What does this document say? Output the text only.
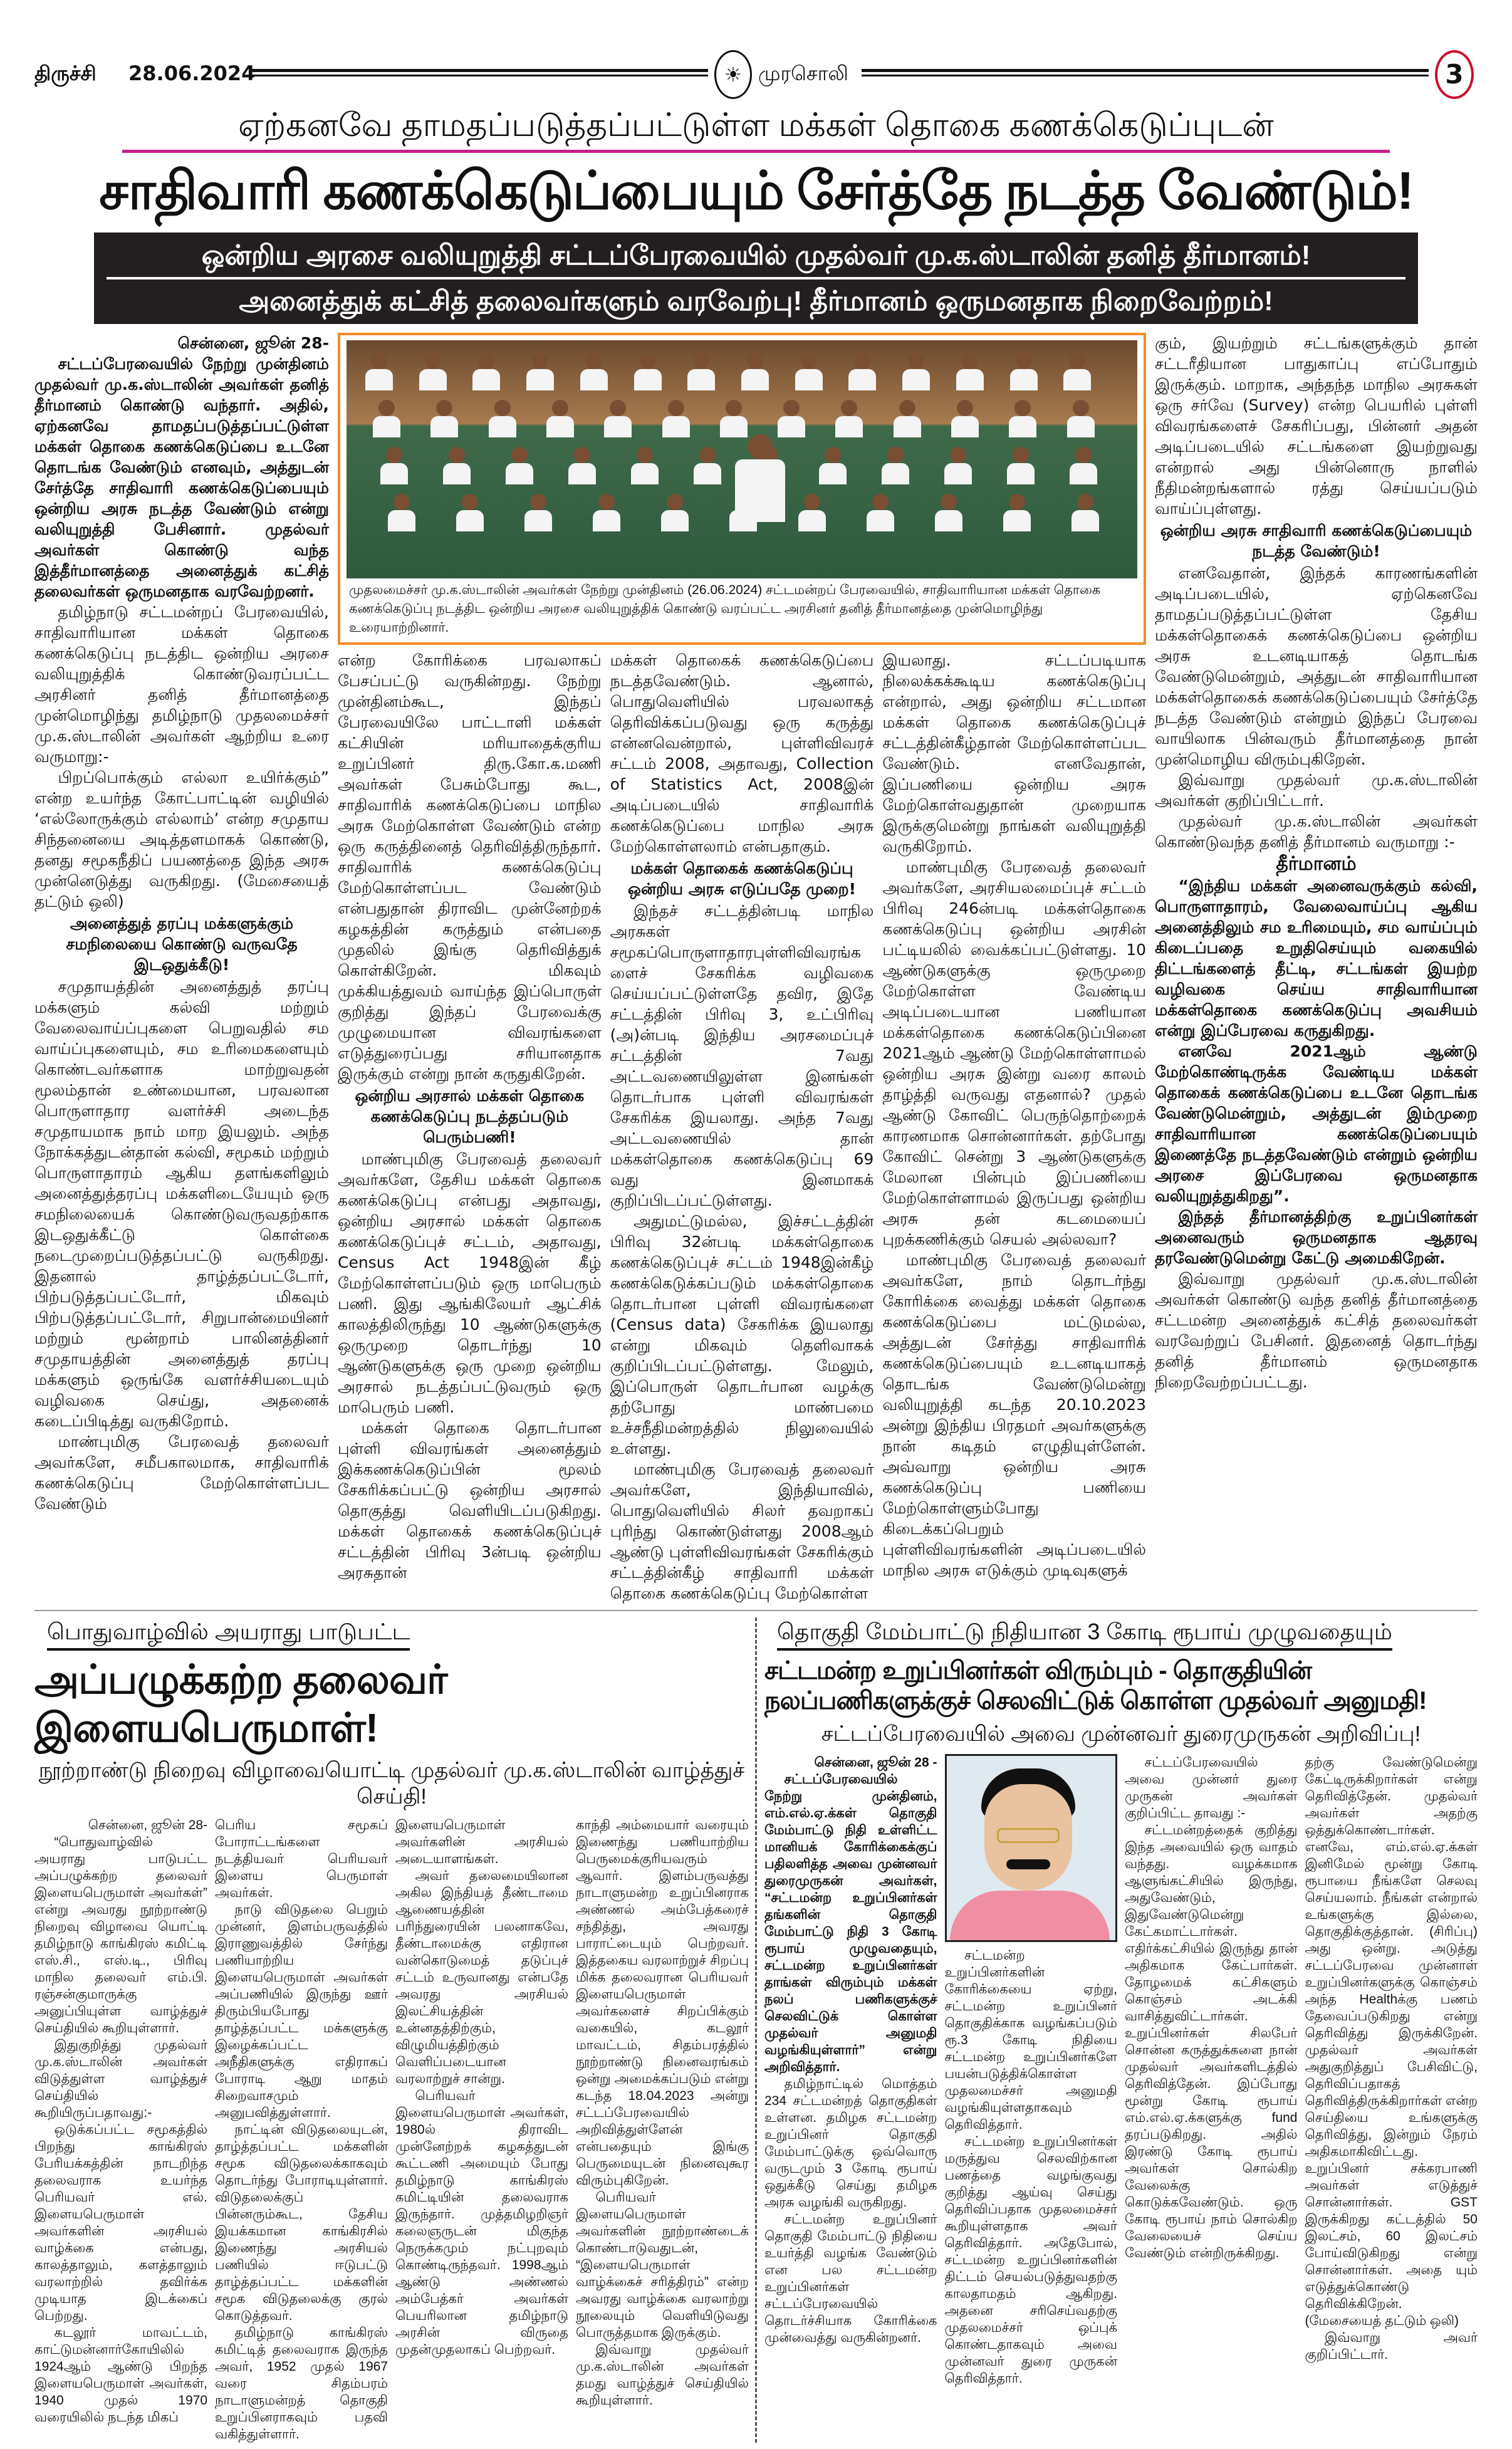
திருச்சி 28.06.2024	☀ முரசொலி	3
ஏற்கனவே தாமதப்படுத்தப்பட்டுள்ள மக்கள் தொகை கணக்கெடுப்புடன்
சாதிவாரி கணக்கெடுப்பையும் சேர்த்தே நடத்த வேண்டும்!
ஒன்றிய அரசை வலியுறுத்தி சட்டப்பேரவையில் முதல்வர் மு.க.ஸ்டாலின் தனித் தீர்மானம்!
அனைத்துக் கட்சித் தலைவர்களும் வரவேற்பு! தீர்மானம் ஒருமனதாக நிறைவேற்றம்!

சென்னை, ஜூன் 28-

சட்டப்பேரவையில் நேற்று முன்தினம் முதல்வர் மு.க.ஸ்டாலின் அவர்கள் தனித் தீர்மானம் கொண்டு வந்தார். அதில், ஏற்கனவே தாமதப்படுத்தப்பட்டுள்ள மக்கள் தொகை கணக்கெடுப்பை உடனே தொடங்க வேண்டும் எனவும், அத்துடன் சேர்த்தே சாதிவாரி கணக்கெடுப்பையும் ஒன்றிய அரசு நடத்த வேண்டும் என்று வலியுறுத்தி பேசினார். முதல்வர் அவர்கள் கொண்டு வந்த இத்தீர்மானத்தை அனைத்துக் கட்சித் தலைவர்கள் ஒருமனதாக வரவேற்றனர்.

தமிழ்நாடு சட்டமன்றப் பேரவையில், சாதிவாரியான மக்கள் தொகை கணக்கெடுப்பு நடத்திட ஒன்றிய அரசை வலியுறுத்திக் கொண்டுவரப்பட்ட அரசினர் தனித் தீர்மானத்தை முன்மொழிந்து தமிழ்நாடு முதலமைச்சர் மு.க.ஸ்டாலின் அவர்கள் ஆற்றிய உரை வருமாறு:-

பிறப்பொக்கும் எல்லா உயிர்க்கும்” என்ற உயர்ந்த கோட்பாட்டின் வழியில் ‘எல்லோருக்கும் எல்லாம்’ என்ற சமுதாய சிந்தனையை அடித்தளமாகக் கொண்டு, தனது சமூகநீதிப் பயணத்தை இந்த அரசு முன்னெடுத்து வருகிறது. (மேசையைத் தட்டும் ஒலி)

அனைத்துத் தரப்பு மக்களுக்கும் சமநிலையை கொண்டு வருவதே இடஒதுக்கீடு!

சமுதாயத்தின் அனைத்துத் தரப்பு மக்களும் கல்வி மற்றும் வேலைவாய்ப்புகளை பெறுவதில் சம வாய்ப்புகளையும், சம உரிமைகளையும் கொண்டவர்களாக மாற்றுவதன் மூலம்தான் உண்மையான, பரவலான பொருளாதார வளர்ச்சி அடைந்த சமுதாயமாக நாம் மாற இயலும். அந்த நோக்கத்துடன்தான் கல்வி, சமூகம் மற்றும் பொருளாதாரம் ஆகிய தளங்களிலும் அனைத்துத்தரப்பு மக்களிடையேயும் ஒரு சமநிலையைக் கொண்டுவருவதற்காக இடஒதுக்கீட்டு கொள்கை நடைமுறைப்படுத்தப்பட்டு வருகிறது. இதனால் தாழ்த்தப்பட்டோர், பிற்படுத்தப்பட்டோர், மிகவும் பிற்படுத்தப்பட்டோர், சிறுபான்மையினர் மற்றும் மூன்றாம் பாலினத்தினர் சமுதாயத்தின் அனைத்துத் தரப்பு மக்களும் ஒருங்கே வளர்ச்சியடையும் வழிவகை செய்து, அதனைக் கடைப்பிடித்து வருகிறோம்.

மாண்புமிகு பேரவைத் தலைவர் அவர்களே, சமீபகாலமாக, சாதிவாரிக் கணக்கெடுப்பு மேற்கொள்ளப்பட வேண்டும்

முதலமைச்சர் மு.க.ஸ்டாலின் அவர்கள் நேற்று முன்தினம் (26.06.2024) சட்டமன்றப் பேரவையில், சாதிவாரியான மக்கள் தொகை கணக்கெடுப்பு நடத்திட ஒன்றிய அரசை வலியுறுத்திக் கொண்டு வரப்பட்ட அரசினர் தனித் தீர்மானத்தை முன்மொழிந்து உரையாற்றினார்.

என்ற கோரிக்கை பரவலாகப் பேசப்பட்டு வருகின்றது. நேற்று முன்தினம்கூட, இந்தப் பேரவையிலே பாட்டாளி மக்கள் கட்சியின் மரியாதைக்குரிய உறுப்பினர் திரு.கோ.க.மணி அவர்கள் பேசும்போது கூட, சாதிவாரிக் கணக்கெடுப்பை மாநில அரசு மேற்கொள்ள வேண்டும் என்ற ஒரு கருத்தினைத் தெரிவித்திருந்தார். சாதிவாரிக் கணக்கெடுப்பு மேற்கொள்ளப்பட வேண்டும் என்பதுதான் திராவிட முன்னேற்றக் கழகத்தின் கருத்தும் என்பதை முதலில் இங்கு தெரிவித்துக் கொள்கிறேன். மிகவும் முக்கியத்துவம் வாய்ந்த இப்பொருள் குறித்து இந்தப் பேரவைக்கு முழுமையான விவரங்களை எடுத்துரைப்பது சரியானதாக இருக்கும் என்று நான் கருதுகிறேன்.

ஒன்றிய அரசால் மக்கள் தொகை கணக்கெடுப்பு நடத்தப்படும் பெரும்பணி!

மாண்புமிகு பேரவைத் தலைவர் அவர்களே, தேசிய மக்கள் தொகை கணக்கெடுப்பு என்பது அதாவது, ஒன்றிய அரசால் மக்கள் தொகை கணக்கெடுப்புச் சட்டம், அதாவது, Census Act 1948இன் கீழ் மேற்கொள்ளப்படும் ஒரு மாபெரும் பணி. இது ஆங்கிலேயர் ஆட்சிக் காலத்திலிருந்து 10 ஆண்டுகளுக்கு ஒருமுறை தொடர்ந்து 10 ஆண்டுகளுக்கு ஒரு முறை ஒன்றிய அரசால் நடத்தப்பட்டுவரும் ஒரு மாபெரும் பணி.

மக்கள் தொகை தொடர்பான புள்ளி விவரங்கள் அனைத்தும் இக்கணக்கெடுப்பின் மூலம் சேகரிக்கப்பட்டு ஒன்றிய அரசால் தொகுத்து வெளியிடப்படுகிறது. மக்கள் தொகைக் கணக்கெடுப்புச் சட்டத்தின் பிரிவு 3ன்படி ஒன்றிய அரசுதான்

மக்கள் தொகைக் கணக்கெடுப்பை நடத்தவேண்டும். ஆனால், பொதுவெளியில் பரவலாகத் தெரிவிக்கப்படுவது ஒரு கருத்து என்னவென்றால், புள்ளிவிவரச் சட்டம் 2008, அதாவது, Collection of Statistics Act, 2008இன் அடிப்படையில் சாதிவாரிக் கணக்கெடுப்பை மாநில அரசு மேற்கொள்ளலாம் என்பதாகும்.

மக்கள் தொகைக் கணக்கெடுப்பு ஒன்றிய அரசு எடுப்பதே முறை!

இந்தச் சட்டத்தின்படி மாநில அரசுகள் சமூகப்பொருளாதாரபுள்ளிவிவரங்களைச் சேகரிக்க வழிவகை செய்யப்பட்டுள்ளதே தவிர, இதே சட்டத்தின் பிரிவு 3, உட்பிரிவு (அ)ன்படி இந்திய அரசமைப்புச் சட்டத்தின் 7வது அட்டவணையிலுள்ள இனங்கள் தொடர்பாக புள்ளி விவரங்கள் சேகரிக்க இயலாது. அந்த 7வது அட்டவணையில் தான் மக்கள்தொகை கணக்கெடுப்பு 69 வது இனமாகக் குறிப்பிடப்பட்டுள்ளது.

அதுமட்டுமல்ல, இச்சட்டத்தின் பிரிவு 32ன்படி மக்கள்தொகை கணக்கெடுப்புச் சட்டம் 1948இன்கீழ் கணக்கெடுக்கப்படும் மக்கள்தொகை தொடர்பான புள்ளி விவரங்களை (Census data) சேகரிக்க இயலாது என்று மிகவும் தெளிவாகக் குறிப்பிடப்பட்டுள்ளது. மேலும், இப்பொருள் தொடர்பான வழக்கு தற்போது மாண்பமை உச்சநீதிமன்றத்தில் நிலுவையில் உள்ளது.

மாண்புமிகு பேரவைத் தலைவர் அவர்களே, இந்தியாவில், பொதுவெளியில் சிலர் தவறாகப் புரிந்து கொண்டுள்ளது 2008ஆம் ஆண்டு புள்ளிவிவரங்கள் சேகரிக்கும் சட்டத்தின்கீழ் சாதிவாரி மக்கள் தொகை கணக்கெடுப்பு மேற்கொள்ள

இயலாது. சட்டப்படியாக நிலைக்கக்கூடிய கணக்கெடுப்பு என்றால், அது ஒன்றிய சட்டமான மக்கள் தொகை கணக்கெடுப்புச் சட்டத்தின்கீழ்தான் மேற்கொள்ளப்பட வேண்டும். எனவேதான், இப்பணியை ஒன்றிய அரசு மேற்கொள்வதுதான் முறையாக இருக்குமென்று நாங்கள் வலியுறுத்தி வருகிறோம்.

மாண்புமிகு பேரவைத் தலைவர் அவர்களே, அரசியலமைப்புச் சட்டம் பிரிவு 246ன்படி மக்கள்தொகை கணக்கெடுப்பு ஒன்றிய அரசின் பட்டியலில் வைக்கப்பட்டுள்ளது. 10 ஆண்டுகளுக்கு ஒருமுறை மேற்கொள்ள வேண்டிய அடிப்படையான பணியான மக்கள்தொகை கணக்கெடுப்பினை 2021ஆம் ஆண்டு மேற்கொள்ளாமல் ஒன்றிய அரசு இன்று வரை காலம் தாழ்த்தி வருவது எதனால்? முதல் ஆண்டு கோவிட் பெருந்தொற்றைக் காரணமாக சொன்னார்கள். தற்போது கோவிட் சென்று 3 ஆண்டுகளுக்கு மேலான பின்பும் இப்பணியை மேற்கொள்ளாமல் இருப்பது ஒன்றிய அரசு தன் கடமையைப் புறக்கணிக்கும் செயல் அல்லவா?

மாண்புமிகு பேரவைத் தலைவர் அவர்களே, நாம் தொடர்ந்து கோரிக்கை வைத்து மக்கள் தொகை கணக்கெடுப்பை மட்டுமல்ல, அத்துடன் சேர்த்து சாதிவாரிக் கணக்கெடுப்பையும் உடனடியாகத் தொடங்க வேண்டுமென்று வலியுறுத்தி கடந்த 20.10.2023 அன்று இந்திய பிரதமர் அவர்களுக்கு நான் கடிதம் எழுதியுள்ளேன். அவ்வாறு ஒன்றிய அரசு கணக்கெடுப்பு பணியை மேற்கொள்ளும்போது கிடைக்கப்பெறும் புள்ளிவிவரங்களின் அடிப்படையில் மாநில அரசு எடுக்கும் முடிவுகளுக்

கும், இயற்றும் சட்டங்களுக்கும் தான் சட்டரீதியான பாதுகாப்பு எப்போதும் இருக்கும். மாறாக, அந்தந்த மாநில அரசுகள் ஒரு சர்வே (Survey) என்ற பெயரில் புள்ளி விவரங்களைச் சேகரிப்பது, பின்னர் அதன் அடிப்படையில் சட்டங்களை இயற்றுவது என்றால் அது பின்னொரு நாளில் நீதிமன்றங்களால் ரத்து செய்யப்படும் வாய்ப்புள்ளது.

ஒன்றிய அரசு சாதிவாரி கணக்கெடுப்பையும் நடத்த வேண்டும்!

எனவேதான், இந்தக் காரணங்களின் அடிப்படையில், ஏற்கெனவே தாமதப்படுத்தப்பட்டுள்ள தேசிய மக்கள்தொகைக் கணக்கெடுப்பை ஒன்றிய அரசு உடனடியாகத் தொடங்க வேண்டுமென்றும், அத்துடன் சாதிவாரியான மக்கள்தொகைக் கணக்கெடுப்பையும் சேர்த்தே நடத்த வேண்டும் என்றும் இந்தப் பேரவை வாயிலாக பின்வரும் தீர்மானத்தை நான் முன்மொழிய விரும்புகிறேன்.

இவ்வாறு முதல்வர் மு.க.ஸ்டாலின் அவர்கள் குறிப்பிட்டார்.

முதல்வர் மு.க.ஸ்டாலின் அவர்கள் கொண்டுவந்த தனித் தீர்மானம் வருமாறு :-

தீர்மானம்

“இந்திய மக்கள் அனைவருக்கும் கல்வி, பொருளாதாரம், வேலைவாய்ப்பு ஆகிய அனைத்திலும் சம உரிமையும், சம வாய்ப்பும் கிடைப்பதை உறுதிசெய்யும் வகையில் திட்டங்களைத் தீட்டி, சட்டங்கள் இயற்ற வழிவகை செய்ய சாதிவாரியான மக்கள்தொகை கணக்கெடுப்பு அவசியம் என்று இப்பேரவை கருதுகிறது.

எனவே 2021ஆம் ஆண்டு மேற்கொண்டிருக்க வேண்டிய மக்கள் தொகைக் கணக்கெடுப்பை உடனே தொடங்க வேண்டுமென்றும், அத்துடன் இம்முறை சாதிவாரியான கணக்கெடுப்பையும் இணைத்தே நடத்தவேண்டும் என்றும் ஒன்றிய அரசை இப்பேரவை ஒருமனதாக வலியுறுத்துகிறது”.

இந்தத் தீர்மானத்திற்கு உறுப்பினர்கள் அனைவரும் ஒருமனதாக ஆதரவு தரவேண்டுமென்று கேட்டு அமைகிறேன்.

இவ்வாறு முதல்வர் மு.க.ஸ்டாலின் அவர்கள் கொண்டு வந்த தனித் தீர்மானத்தை சட்டமன்ற அனைத்துக் கட்சித் தலைவர்கள் வரவேற்றுப் பேசினர். இதனைத் தொடர்ந்து தனித் தீர்மானம் ஒருமனதாக நிறைவேற்றப்பட்டது.

பொதுவாழ்வில் அயராது பாடுபட்ட
அப்பழுக்கற்ற தலைவர் இளையபெருமாள்!
நூற்றாண்டு நிறைவு விழாவையொட்டி முதல்வர் மு.க.ஸ்டாலின் வாழ்த்துச் செய்தி!

சென்னை, ஜூன் 28-

“பொதுவாழ்வில் அயராது பாடுபட்ட அப்பழுக்கற்ற தலைவர் இளையபெருமாள் அவர்கள்” என்று அவரது நூற்றாண்டு நிறைவு விழாவை யொட்டி தமிழ்நாடு காங்கிரஸ் கமிட்டி எஸ்.சி., எஸ்.டி., பிரிவு மாநில தலைவர் எம்.பி. ரஞ்சன்குமாருக்கு அனுப்பியுள்ள வாழ்த்துச் செய்தியில் கூறியுள்ளார்.

இதுகுறித்து முதல்வர் மு.க.ஸ்டாலின் அவர்கள் விடுத்துள்ள வாழ்த்துச் செய்தியில் கூறியிருப்பதாவது:-

ஒடுக்கப்பட்ட சமூகத்தில் பிறந்து காங்கிரஸ் பேரியக்கத்தின் நாடறிந்த தலைவராக உயர்ந்த பெரியவர் எல். இளையபெருமாள் அவர்களின் அரசியல் வாழ்க்கை என்பது, காலத்தாலும், களத்தாலும் வரலாற்றில் தவிர்க்க முடியாத இடக்கைப் பெற்றது.

கடலூர் மாவட்டம், காட்டுமன்னார்கோயிலில் 1924ஆம் ஆண்டு பிறந்த இளையபெருமாள் அவர்கள், 1940 முதல் 1970 வரையிலில் நடந்த மிகப்

பெரிய சமூகப் போராட்டங்களை நடத்தியவர் பெரியவர் இளைய பெருமாள் அவர்கள்.

நாடு விடுதலை பெறும் முன்னர், இளம்பருவத்தில் இராணுவத்தில் சேர்ந்து பணியாற்றிய இளையபெருமாள் அவர்கள் அப்பணியில் இருந்து ஊர் திரும்பியபோது தாழ்த்தப்பட்ட மக்களுக்கு இழைக்கப்பட்ட அநீதிகளுக்கு எதிராகப் போராடி ஆறு மாதம் சிறைவாசமும் அனுபவித்துள்ளார்.

நாட்டின் விடுதலையுடன், தாழ்த்தப்பட்ட மக்களின் சமூக விடுதலைக்காகவும் தொடர்ந்து போராடியுள்ளார். விடுதலைக்குப் பின்னரும்கூட, தேசிய இயக்கமான காங்கிரசில் இணைந்து அரசியல் பணியில் ஈடுபட்டு தாழ்த்தப்பட்ட மக்களின் சமூக விடுதலைக்கு குரல் கொடுத்தவர்.

தமிழ்நாடு காங்கிரஸ் கமிட்டித் தலைவராக இருந்த அவர், 1952 முதல் 1967 வரை சிதம்பரம் நாடாளுமன்றத் தொகுதி உறுப்பினராகவும் பதவி வகித்துள்ளார்.

இளையபெருமாள் அவர்களின் அரசியல் அடையாளங்கள்.

அவர் தலைமையிலான அகில இந்தியத் தீண்டாமை ஆணையத்தின் பரிந்துரையின் பலனாகவே, தீண்டாமைக்கு எதிரான வன்கொடுமைத் தடுப்புச் சட்டம் உருவானது என்பதே அவரது அரசியல் இலட்சியத்தின் உன்னதத்திற்கும், விழுமியத்திற்கும் வெளிப்படையான வரலாற்றுச் சான்று.

பெரியவர் இளையபெருமாள் அவர்கள், 1980ல் திராவிட முன்னேற்றக் கழகத்துடன் கூட்டணி அமையும் போது தமிழ்நாடு காங்கிரஸ் கமிட்டியின் தலைவராக இருந்தார். முத்தமிழறிஞர் கலைஞருடன் மிகுந்த நெருக்கமும் நட்புறவும் கொண்டிருந்தவர். 1998ஆம் ஆண்டு அண்ணல் அம்பேத்கர் அவர்கள் பெயரிலான தமிழ்நாடு அரசின் விருதை முதன்முதலாகப் பெற்றவர்.

காந்தி அம்மையார் வரையும் இணைந்து பணியாற்றிய பெருமைக்குரியவரும் ஆவார். இளம்பருவத்து நாடாளுமன்ற உறுப்பினராக அண்ணல் அம்பேத்கரைச் சந்தித்து, அவரது பாராட்டையும் பெற்றவர். இத்தகைய வரலாற்றுச் சிறப்பு மிக்க தலைவரான பெரியவர் இளையபெருமாள் அவர்களைச் சிறப்பிக்கும் வகையில், கடலூர் மாவட்டம், சிதம்பரத்தில் நூற்றாண்டு நினைவரங்கம் ஒன்று அமைக்கப்படும் என்று கடந்த 18.04.2023 அன்று சட்டப்பேரவையில் அறிவித்துள்ளேன் என்பதையும் இங்கு பெருமையுடன் நினைவுகூர விரும்புகிறேன்.

பெரியவர் இளையபெருமாள் அவர்களின் நூற்றாண்டைக் கொண்டாடுவதுடன், “இளையபெருமாள் வாழ்க்கைச் சரித்திரம்” என்ற அவரது வாழ்க்கை வரலாற்று நூலையும் வெளியிடுவது பொருத்தமாக இருக்கும்.

இவ்வாறு முதல்வர் மு.க.ஸ்டாலின் அவர்கள் தமது வாழ்த்துச் செய்தியில் கூறியுள்ளார்.

தொகுதி மேம்பாட்டு நிதியான 3 கோடி ரூபாய் முழுவதையும்
சட்டமன்ற உறுப்பினர்கள் விரும்பும் - தொகுதியின் நலப்பணிகளுக்குச் செலவிட்டுக் கொள்ள முதல்வர் அனுமதி!
சட்டப்பேரவையில் அவை முன்னவர் துரைமுருகன் அறிவிப்பு!

சென்னை, ஜூன் 28 -

சட்டப்பேரவையில் நேற்று முன்தினம், எம்.எல்.ஏ.க்கள் தொகுதி மேம்பாட்டு நிதி உள்ளிட்ட மானியக் கோரிக்கைக்குப் பதிலளித்த அவை முன்னவர் துரைமுருகன் அவர்கள், “சட்டமன்ற உறுப்பினர்கள் தங்களின் தொகுதி மேம்பாட்டு நிதி 3 கோடி ரூபாய் முழுவதையும், சட்டமன்ற உறுப்பினர்கள் தாங்கள் விரும்பும் மக்கள் நலப் பணிகளுக்குச் செலவிட்டுக் கொள்ள முதல்வர் அனுமதி வழங்கியுள்ளார்” என்று அறிவித்தார்.

தமிழ்நாட்டில் மொத்தம் 234 சட்டமன்றத் தொகுதிகள் உள்ளன. தமிழக சட்டமன்ற உறுப்பினர் தொகுதி மேம்பாட்டுக்கு ஒவ்வொரு வருடமும் 3 கோடி ரூபாய் ஒதுக்கீடு செய்து தமிழக அரசு வழங்கி வருகிறது.

சட்டமன்ற உறுப்பினர் தொகுதி மேம்பாட்டு நிதியை உயர்த்தி வழங்க வேண்டும் என பல சட்டமன்ற உறுப்பினர்கள் சட்டப்பேரவையில் தொடர்ச்சியாக கோரிக்கை முன்வைத்து வருகின்றனர்.

சட்டமன்ற உறுப்பினர்களின் கோரிக்கையை ஏற்று, சட்டமன்ற உறுப்பினர் தொகுதிக்காக வழங்கப்படும் ரூ.3 கோடி நிதியை சட்டமன்ற உறுப்பினர்களே பயன்படுத்திக்கொள்ள முதலமைச்சர் அனுமதி வழங்கியுள்ளதாகவும் தெரிவித்தார்.

சட்டமன்ற உறுப்பினர்கள் மருத்துவ செலவிற்கான பணத்தை வழங்குவது குறித்து ஆய்வு செய்து தெரிவிப்பதாக முதலமைச்சர் கூறியுள்ளதாக அவர் தெரிவித்தார். அதேபோல், சட்டமன்ற உறுப்பினர்களின் திட்டம் செயல்படுத்துவதற்கு காலதாமதம் ஆகிறது. அதனை சரிசெய்வதற்கு முதலமைச்சர் ஒப்புக் கொண்டதாகவும் அவை முன்னவர் துரை முருகன் தெரிவித்தார்.

சட்டப்பேரவையில் அவை முன்னர் துரை முருகன் அவர்கள் குறிப்பிட்ட தாவது :-

சட்டமன்றத்தைக் குறித்து இந்த அவையில் ஒரு வாதம் வந்தது. வழக்கமாக ஆளுங்கட்சியில் இருந்து, அதுவேண்டும், இதுவேண்டுமென்று கேட்கமாட்டார்கள். எதிர்க்கட்சியில் இருந்து தான் அதிகமாக கேட்பார்கள். தோழமைக் கட்சிகளும் கொஞ்சம் அடக்கி வாசித்துவிட்டார்கள். உறுப்பினர்கள் சிலபேர் சொன்ன கருத்துக்களை நான் முதல்வர் அவர்களிடத்தில் தெரிவித்தேன். இப்போது மூன்று கோடி ரூபாய் எம்.எல்.ஏ.க்களுக்கு fund தரப்படுகிறது. அதில் இரண்டு கோடி ரூபாய் அவர்கள் சொல்கிற வேலைக்கு கொடுக்கவேண்டும். ஒரு கோடி ரூபாய் நாம் சொல்கிற வேலையைச் செய்ய வேண்டும் என்றிருக்கிறது.

தற்கு வேண்டுமென்று கேட்டிருக்கிறார்கள் என்று தெரிவித்தேன். முதல்வர் அவர்கள் அதற்கு ஒத்துக்கொண்டார்கள். எனவே, எம்.எல்.ஏ.க்கள் இனிமேல் மூன்று கோடி ரூபாயை நீங்களே செலவு செய்யலாம். நீங்கள் என்றால் உங்களுக்கு இல்லை, தொகுதிக்குத்தான். (சிரிப்பு) அது ஒன்று. அடுத்து சட்டப்பேரவை முன்னாள் உறுப்பினர்களுக்கு கொஞ்சம் அந்த Healthக்கு பணம் தேவைப்படுகிறது என்று தெரிவித்து இருக்கிறேன். முதல்வர் அவர்கள் அதுகுறித்துப் பேசிவிட்டு, தெரிவிப்பதாகத் தெரிவித்திருக்கிறார்கள் என்ற செய்தியை உங்களுக்கு தெரிவித்து, இன்றும் நேரம் அதிகமாகிவிட்டது. உறுப்பினர் சக்கரபாணி அவர்கள் எடுத்துச் சொன்னார்கள். GST இருக்கிறது கட்டத்தில் 50 இலட்சம், 60 இலட்சம் போய்விடுகிறது என்று சொன்னார்கள். அதை யும் எடுத்துக்கொண்டு தெரிவிக்கிறேன். (மேசையைத் தட்டும் ஒலி)

இவ்வாறு அவர் குறிப்பிட்டார்.
